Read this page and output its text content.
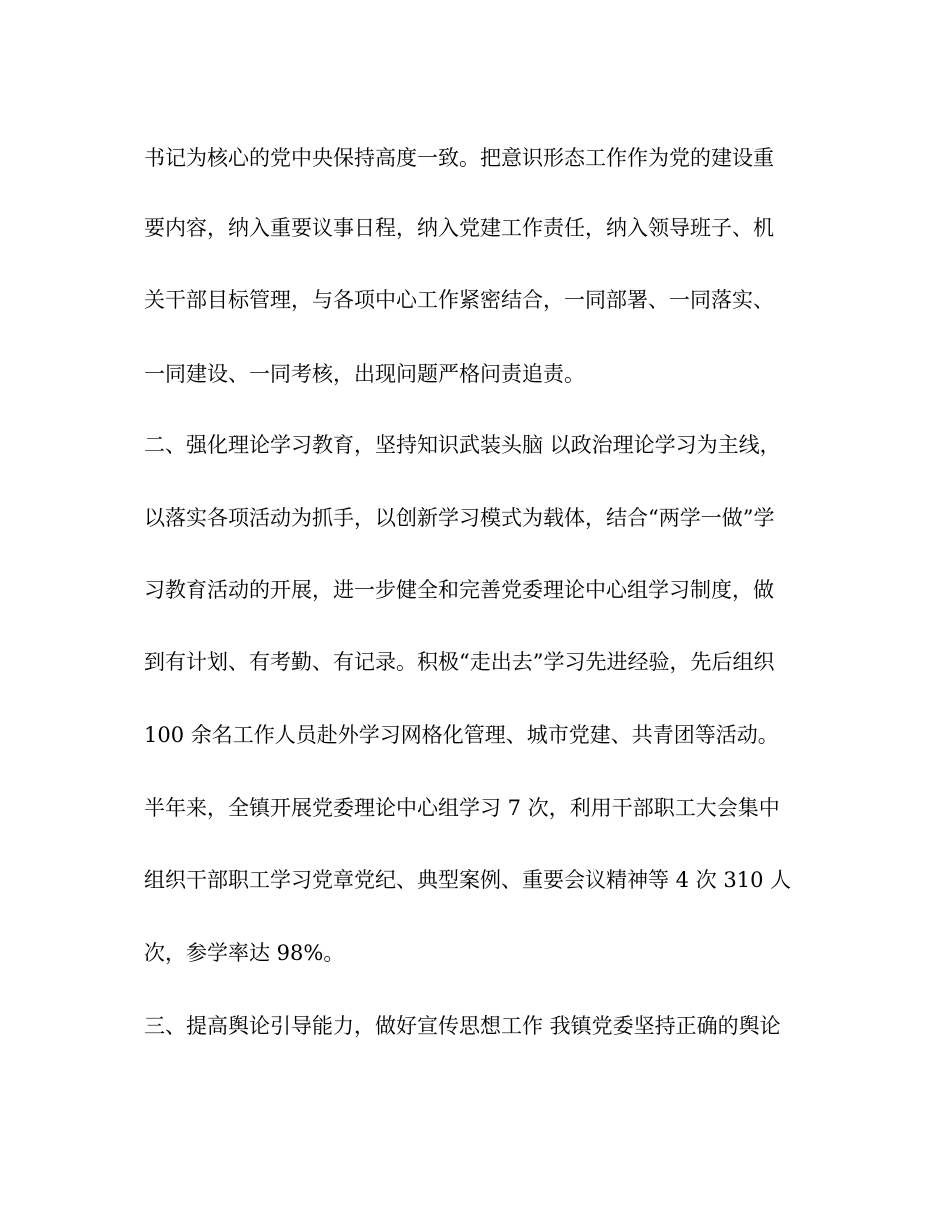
书记为核心的党中央保持高度一致。把意识形态工作作为党的建设重
要内容，纳入重要议事日程，纳入党建工作责任，纳入领导班子、机
关干部目标管理，与各项中心工作紧密结合，一同部署、一同落实、
一同建设、一同考核，出现问题严格问责追责。
二、强化理论学习教育，坚持知识武装头脑 以政治理论学习为主线，
以落实各项活动为抓手，以创新学习模式为载体，结合“两学一做”学
习教育活动的开展，进一步健全和完善党委理论中心组学习制度，做
到有计划、有考勤、有记录。积极“走出去”学习先进经验，先后组织
100 余名工作人员赴外学习网格化管理、城市党建、共青团等活动。
半年来，全镇开展党委理论中心组学习 7 次，利用干部职工大会集中
组织干部职工学习党章党纪、典型案例、重要会议精神等 4 次 310 人
次，参学率达 98%。
三、提高舆论引导能力，做好宣传思想工作 我镇党委坚持正确的舆论
